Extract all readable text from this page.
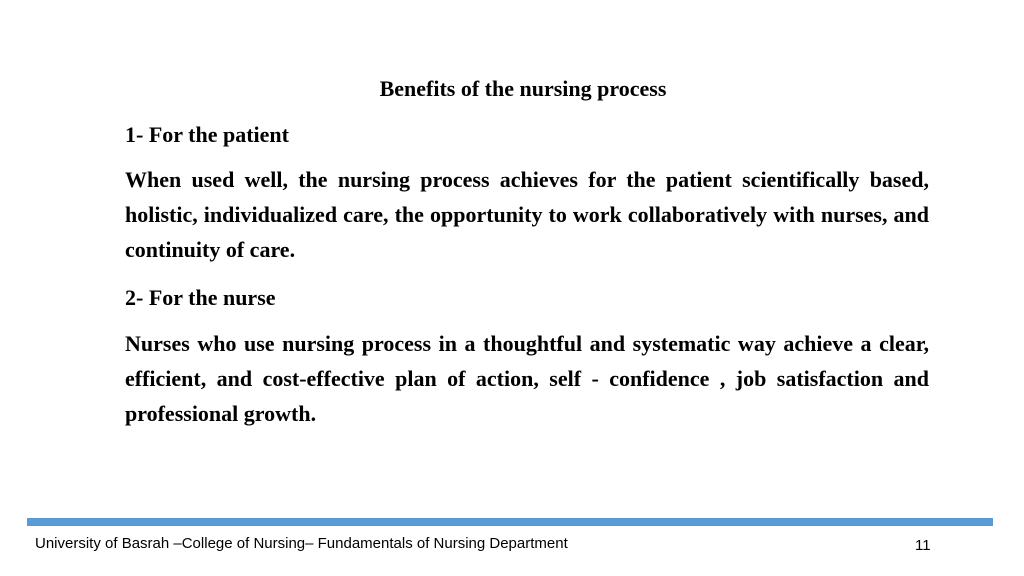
Benefits of the nursing process

1- For the patient

When used well, the nursing process achieves for the patient scientifically based, holistic, individualized care, the opportunity to work collaboratively with nurses, and continuity of care.

2- For the nurse

Nurses who use nursing process in a thoughtful and systematic way achieve a clear, efficient, and cost-effective plan of action, self - confidence , job satisfaction and professional growth.

University of Basrah –College of Nursing– Fundamentals of Nursing Department	11
